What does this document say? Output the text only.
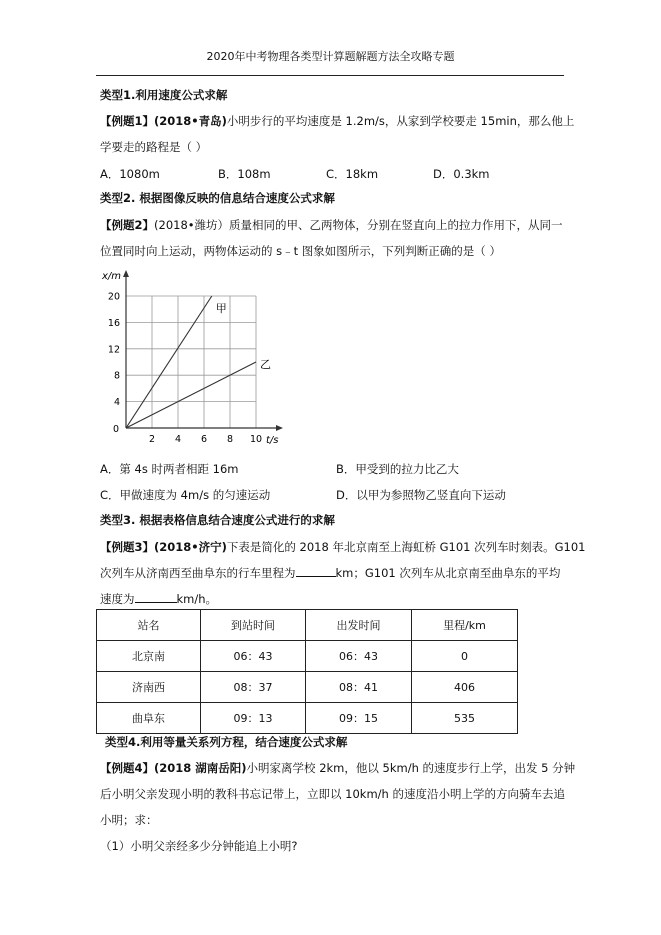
2020年中考物理各类型计算题解题方法全攻略专题
类型1.利用速度公式求解
【例题1】(2018•青岛)小明步行的平均速度是 1.2m/s，从家到学校要走 15min，那么他上
学要走的路程是（ ）
A．1080m	B．108m	C．18km	D．0.3km
类型2. 根据图像反映的信息结合速度公式求解
【例题2】(2018•潍坊）质量相同的甲、乙两物体，分别在竖直向上的拉力作用下，从同一
位置同时向上运动，两物体运动的 s﹣t 图象如图所示，下列判断正确的是（ ）
2 4 6 8 10
4
8
12
16
20
甲
乙
x/m
t/s
0
A．第 4s 时两者相距 16m	B．甲受到的拉力比乙大
C．甲做速度为 4m/s 的匀速运动	D．以甲为参照物乙竖直向下运动
类型3. 根据表格信息结合速度公式进行的求解
【例题3】(2018•济宁)下表是简化的 2018 年北京南至上海虹桥 G101 次列车时刻表。G101
次列车从济南西至曲阜东的行车里程为	km；G101 次列车从北京南至曲阜东的平均
速度为	km/h。
站名	到站时间	出发时间	里程/km
北京南	06：43	06：43	0
济南西	08：37	08：41	406
曲阜东	09：13	09：15	535
类型4.利用等量关系列方程，结合速度公式求解
【例题4】(2018 湖南岳阳)小明家离学校 2km，他以 5km/h 的速度步行上学，出发 5 分钟
后小明父亲发现小明的教科书忘记带上，立即以 10km/h 的速度沿小明上学的方向骑车去追
小明；求：
（1）小明父亲经多少分钟能追上小明?
